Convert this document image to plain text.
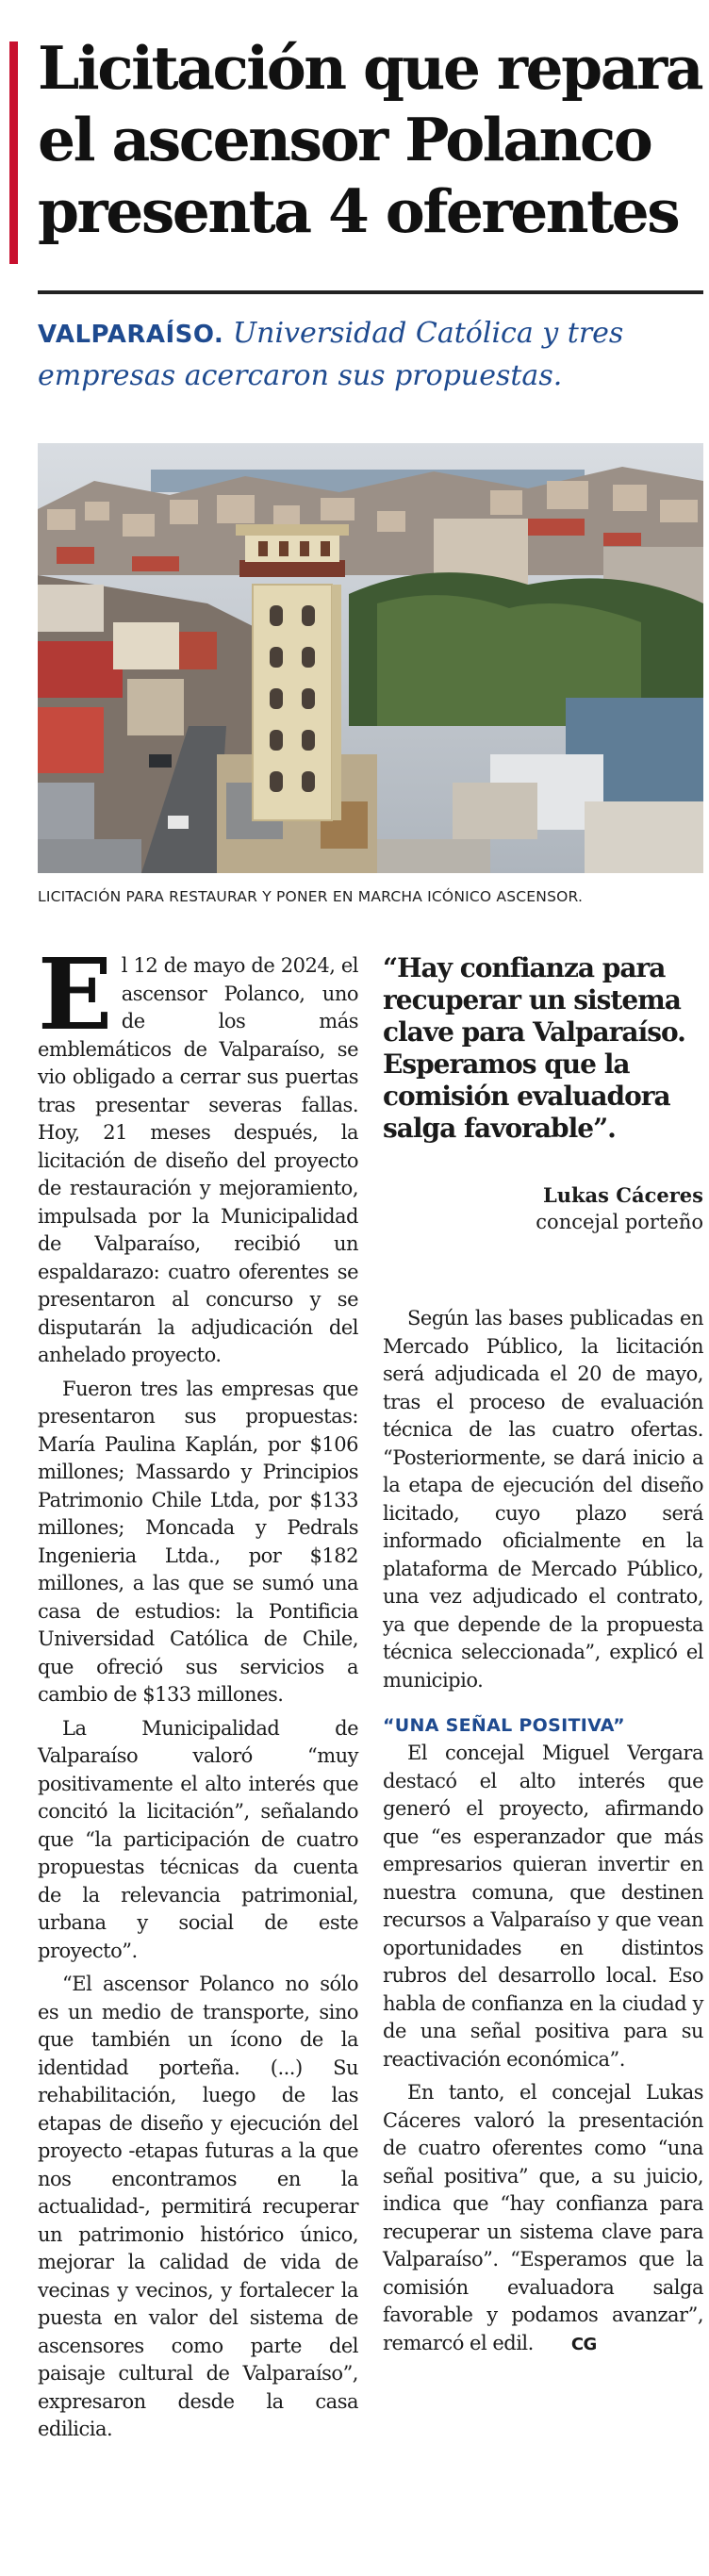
Licitación que repara
el ascensor Polanco
presenta 4 oferentes
VALPARAÍSO. Universidad Católica y tres empresas acercaron sus propuestas.
LICITACIÓN PARA RESTAURAR Y PONER EN MARCHA ICÓNICO ASCENSOR.

El 12 de mayo de 2024, el ascensor Polanco, uno de los más emblemáticos de Valparaíso, se vio obligado a cerrar sus puertas tras presentar severas fallas. Hoy, 21 meses después, la licitación de diseño del proyecto de restauración y mejoramiento, impulsada por la Municipalidad de Valparaíso, recibió un espaldarazo: cuatro oferentes se presentaron al concurso y se disputarán la adjudicación del anhelado proyecto.

Fueron tres las empresas que presentaron sus propuestas: María Paulina Kaplán, por $106 millones; Massardo y Principios Patrimonio Chile Ltda, por $133 millones; Moncada y Pedrals Ingenieria Ltda., por $182 millones, a las que se sumó una casa de estudios: la Pontificia Universidad Católica de Chile, que ofreció sus servicios a cambio de $133 millones.

La Municipalidad de Valparaíso valoró “muy positivamente el alto interés que concitó la licitación”, señalando que “la participación de cuatro propuestas técnicas da cuenta de la relevancia patrimonial, urbana y social de este proyecto”.

“El ascensor Polanco no sólo es un medio de transporte, sino que también un ícono de la identidad porteña. (...) Su rehabilitación, luego de las etapas de diseño y ejecución del proyecto -etapas futuras a la que nos encontramos en la actualidad-, permitirá recuperar un patrimonio histórico único, mejorar la calidad de vida de vecinas y vecinos, y fortalecer la puesta en valor del sistema de ascensores como parte del paisaje cultural de Valparaíso”, expresaron desde la casa edilicia.

“Hay confianza para recuperar un sistema clave para Valparaíso. Esperamos que la comisión evaluadora salga favorable”.

Lukas Cáceres
concejal porteño

Según las bases publicadas en Mercado Público, la licitación será adjudicada el 20 de mayo, tras el proceso de evaluación técnica de las cuatro ofertas. “Posteriormente, se dará inicio a la etapa de ejecución del diseño licitado, cuyo plazo será informado oficialmente en la plataforma de Mercado Público, una vez adjudicado el contrato, ya que depende de la propuesta técnica seleccionada”, explicó el municipio.

“UNA SEÑAL POSITIVA”

El concejal Miguel Vergara destacó el alto interés que generó el proyecto, afirmando que “es esperanzador que más empresarios quieran invertir en nuestra comuna, que destinen recursos a Valparaíso y que vean oportunidades en distintos rubros del desarrollo local. Eso habla de confianza en la ciudad y de una señal positiva para su reactivación económica”.

En tanto, el concejal Lukas Cáceres valoró la presentación de cuatro oferentes como “una señal positiva” que, a su juicio, indica que “hay confianza para recuperar un sistema clave para Valparaíso”. “Esperamos que la comisión evaluadora salga favorable y podamos avanzar”, remarcó el edil. CG
